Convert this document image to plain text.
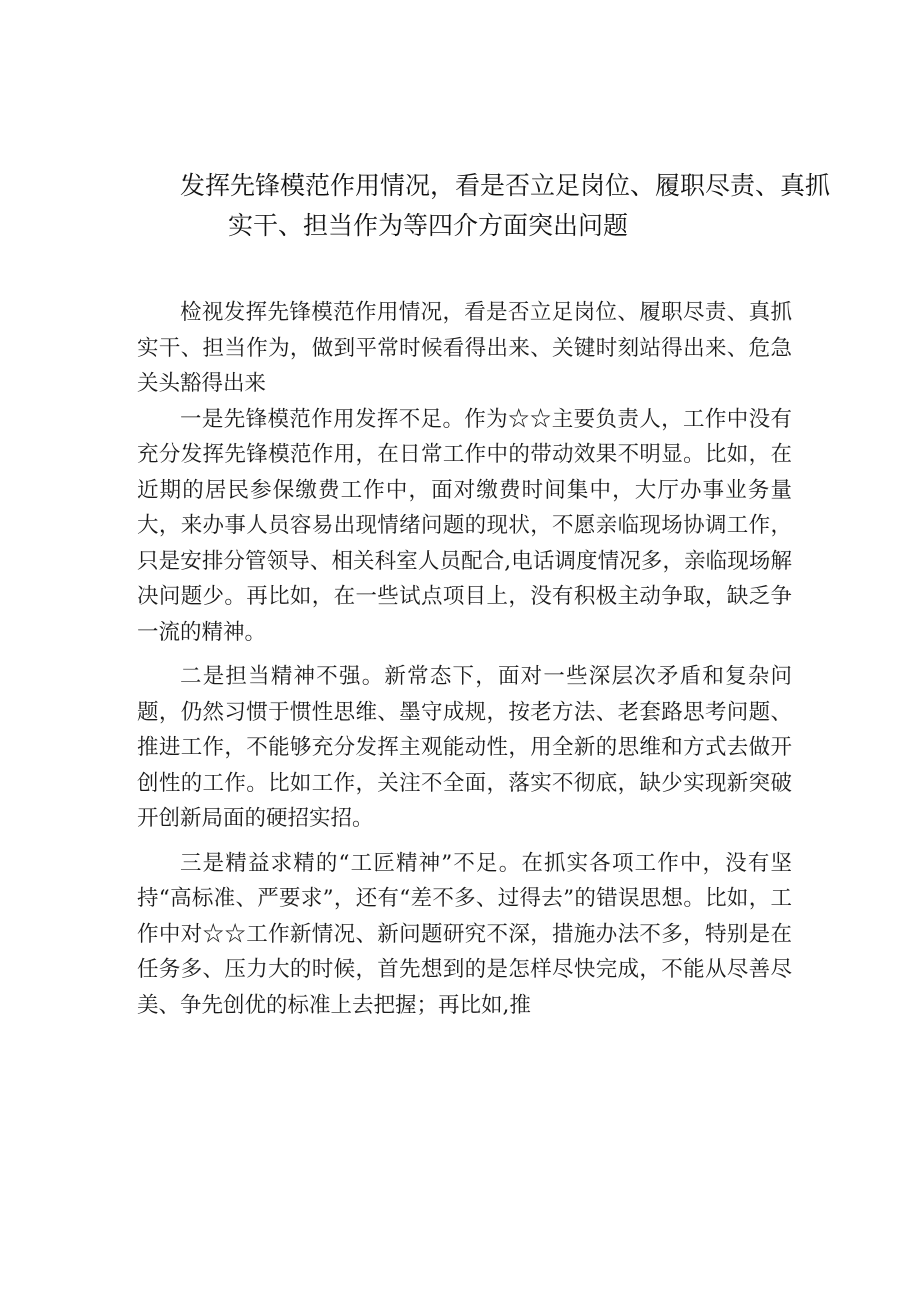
发挥先锋模范作用情况，看是否立足岗位、履职尽责、真抓
实干、担当作为等四介方面突出问题

检视发挥先锋模范作用情况，看是否立足岗位、履职尽责、真抓实干、担当作为，做到平常时候看得出来、关键时刻站得出来、危急关头豁得出来

一是先锋模范作用发挥不足。作为☆☆主要负责人，工作中没有充分发挥先锋模范作用，在日常工作中的带动效果不明显。比如，在近期的居民参保缴费工作中，面对缴费时间集中，大厅办事业务量大，来办事人员容易出现情绪问题的现状，不愿亲临现场协调工作，只是安排分管领导、相关科室人员配合,电话调度情况多，亲临现场解决问题少。再比如，在一些试点项目上，没有积极主动争取，缺乏争一流的精神。

二是担当精神不强。新常态下，面对一些深层次矛盾和复杂问题，仍然习惯于惯性思维、墨守成规，按老方法、老套路思考问题、推进工作，不能够充分发挥主观能动性，用全新的思维和方式去做开创性的工作。比如工作，关注不全面，落实不彻底，缺少实现新突破开创新局面的硬招实招。

三是精益求精的“工匠精神”不足。在抓实各项工作中，没有坚持“高标准、严要求”，还有“差不多、过得去”的错误思想。比如，工作中对☆☆工作新情况、新问题研究不深，措施办法不多，特别是在任务多、压力大的时候，首先想到的是怎样尽快完成，不能从尽善尽美、争先创优的标准上去把握；再比如,推
